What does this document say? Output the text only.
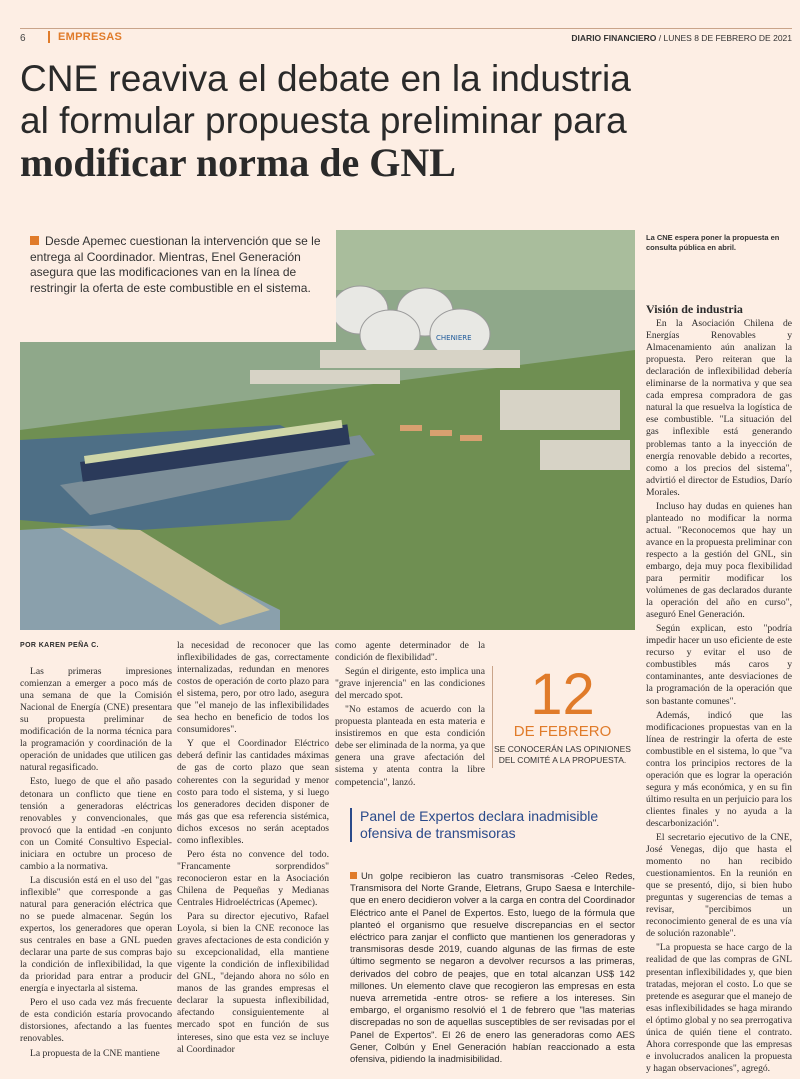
6	EMPRESAS	DIARIO FINANCIERO / LUNES 8 DE FEBRERO DE 2021
CNE reaviva el debate en la industria
al formular propuesta preliminar para
modificar norma de GNL
CHENIERE
Desde Apemec cuestionan la intervención que se le entrega al Coordinador. Mientras, Enel Generación asegura que las modificaciones van en la línea de restringir la oferta de este combustible en el sistema.
La CNE espera poner la propuesta en consulta pública en abril.
POR KAREN PEÑA C.

Las primeras impresiones comienzan a emerger a poco más de una semana de que la Comisión Nacional de Energía (CNE) presentara su propuesta preliminar de modificación de la norma técnica para la programación y coordinación de la operación de unidades que utilicen gas natural regasificado.

Esto, luego de que el año pasado detonara un conflicto que tiene en tensión a generadoras eléctricas renovables y convencionales, que provocó que la entidad -en conjunto con un Comité Consultivo Especial- iniciara en octubre un proceso de cambio a la normativa.

La discusión está en el uso del "gas inflexible" que corresponde a gas natural para generación eléctrica que no se puede almacenar. Según los expertos, los generadores que operan sus centrales en base a GNL pueden declarar una parte de sus compras bajo la condición de inflexibilidad, la que da prioridad para entrar a producir energía e inyectarla al sistema.

Pero el uso cada vez más frecuente de esta condición estaría provocando distorsiones, afectando a las fuentes renovables.

La propuesta de la CNE mantiene

la necesidad de reconocer que las inflexibilidades de gas, correctamente internalizadas, redundan en menores costos de operación de corto plazo para el sistema, pero, por otro lado, asegura que "el manejo de las inflexibilidades sea hecho en beneficio de todos los consumidores".

Y que el Coordinador Eléctrico deberá definir las cantidades máximas de gas de corto plazo que sean coherentes con la seguridad y menor costo para todo el sistema, y si luego los generadores deciden disponer de más gas que esa referencia sistémica, dichos excesos no serán aceptados como inflexibles.

Pero ésta no convence del todo. "Francamente sorprendidos" reconocieron estar en la Asociación Chilena de Pequeñas y Medianas Centrales Hidroeléctricas (Apemec).

Para su director ejecutivo, Rafael Loyola, si bien la CNE reconoce las graves afectaciones de esta condición y su excepcionalidad, ella mantiene vigente la condición de inflexibilidad del GNL, "dejando ahora no sólo en manos de las grandes empresas el declarar la supuesta inflexibilidad, afectando consiguientemente al mercado spot en función de sus intereses, sino que esta vez se incluye al Coordinador

como agente determinador de la condición de flexibilidad".

Según el dirigente, esto implica una "grave injerencia" en las condiciones del mercado spot.

"No estamos de acuerdo con la propuesta planteada en esta materia e insistiremos en que esta condición debe ser eliminada de la norma, ya que genera una grave afectación del sistema y atenta contra la libre competencia", lanzó.

12
DE FEBRERO
SE CONOCERÁN LAS OPINIONES DEL COMITÉ A LA PROPUESTA.
Panel de Expertos declara inadmisible ofensiva de transmisoras
Un golpe recibieron las cuatro transmisoras -Celeo Redes, Transmisora del Norte Grande, Eletrans, Grupo Saesa e Interchile- que en enero decidieron volver a la carga en contra del Coordinador Eléctrico ante el Panel de Expertos. Esto, luego de la fórmula que planteó el organismo que resuelve discrepancias en el sector eléctrico para zanjar el conflicto que mantienen los generadoras y transmisoras desde 2019, cuando algunas de las firmas de este último segmento se negaron a devolver recursos a las primeras, derivados del cobro de peajes, que en total alcanzan US$ 142 millones. Un elemento clave que recogieron las empresas en esta nueva arremetida -entre otros- se refiere a los intereses. Sin embargo, el organismo resolvió el 1 de febrero que "las materias discrepadas no son de aquellas susceptibles de ser revisadas por el Panel de Expertos". El 26 de enero las generadoras como AES Gener, Colbún y Enel Generación habían reaccionado a esta ofensiva, pidiendo la inadmisibilidad.
Visión de industria

En la Asociación Chilena de Energías Renovables y Almacenamiento aún analizan la propuesta. Pero reiteran que la declaración de inflexibilidad debería eliminarse de la normativa y que sea cada empresa compradora de gas natural la que resuelva la logística de ese combustible. "La situación del gas inflexible está generando problemas tanto a la inyección de energía renovable debido a recortes, como a los precios del sistema", advirtió el director de Estudios, Darío Morales.

Incluso hay dudas en quienes han planteado no modificar la norma actual. "Reconocemos que hay un avance en la propuesta preliminar con respecto a la gestión del GNL, sin embargo, deja muy poca flexibilidad para permitir modificar los volúmenes de gas declarados durante la operación del año en curso", aseguró Enel Generación.

Según explican, esto "podría impedir hacer un uso eficiente de este recurso y evitar el uso de combustibles más caros y contaminantes, ante desviaciones de la programación de la operación que son bastante comunes".

Además, indicó que las modificaciones propuestas van en la línea de restringir la oferta de este combustible en el sistema, lo que "va contra los principios rectores de la operación que es lograr la operación segura y más económica, y en su fin último resulta en un perjuicio para los clientes finales y no ayuda a la descarbonización".

El secretario ejecutivo de la CNE, José Venegas, dijo que hasta el momento no han recibido cuestionamientos. En la reunión en que se presentó, dijo, si bien hubo preguntas y sugerencias de temas a revisar, "percibimos un reconocimiento general de es una vía de solución razonable".

"La propuesta se hace cargo de la realidad de que las compras de GNL presentan inflexibilidades y, que bien tratadas, mejoran el costo. Lo que se pretende es asegurar que el manejo de esas inflexibilidades se haga mirando el óptimo global y no sea prerrogativa única de quién tiene el contrato. Ahora corresponde que las empresas e involucrados analicen la propuesta y hagan observaciones", agregó.
